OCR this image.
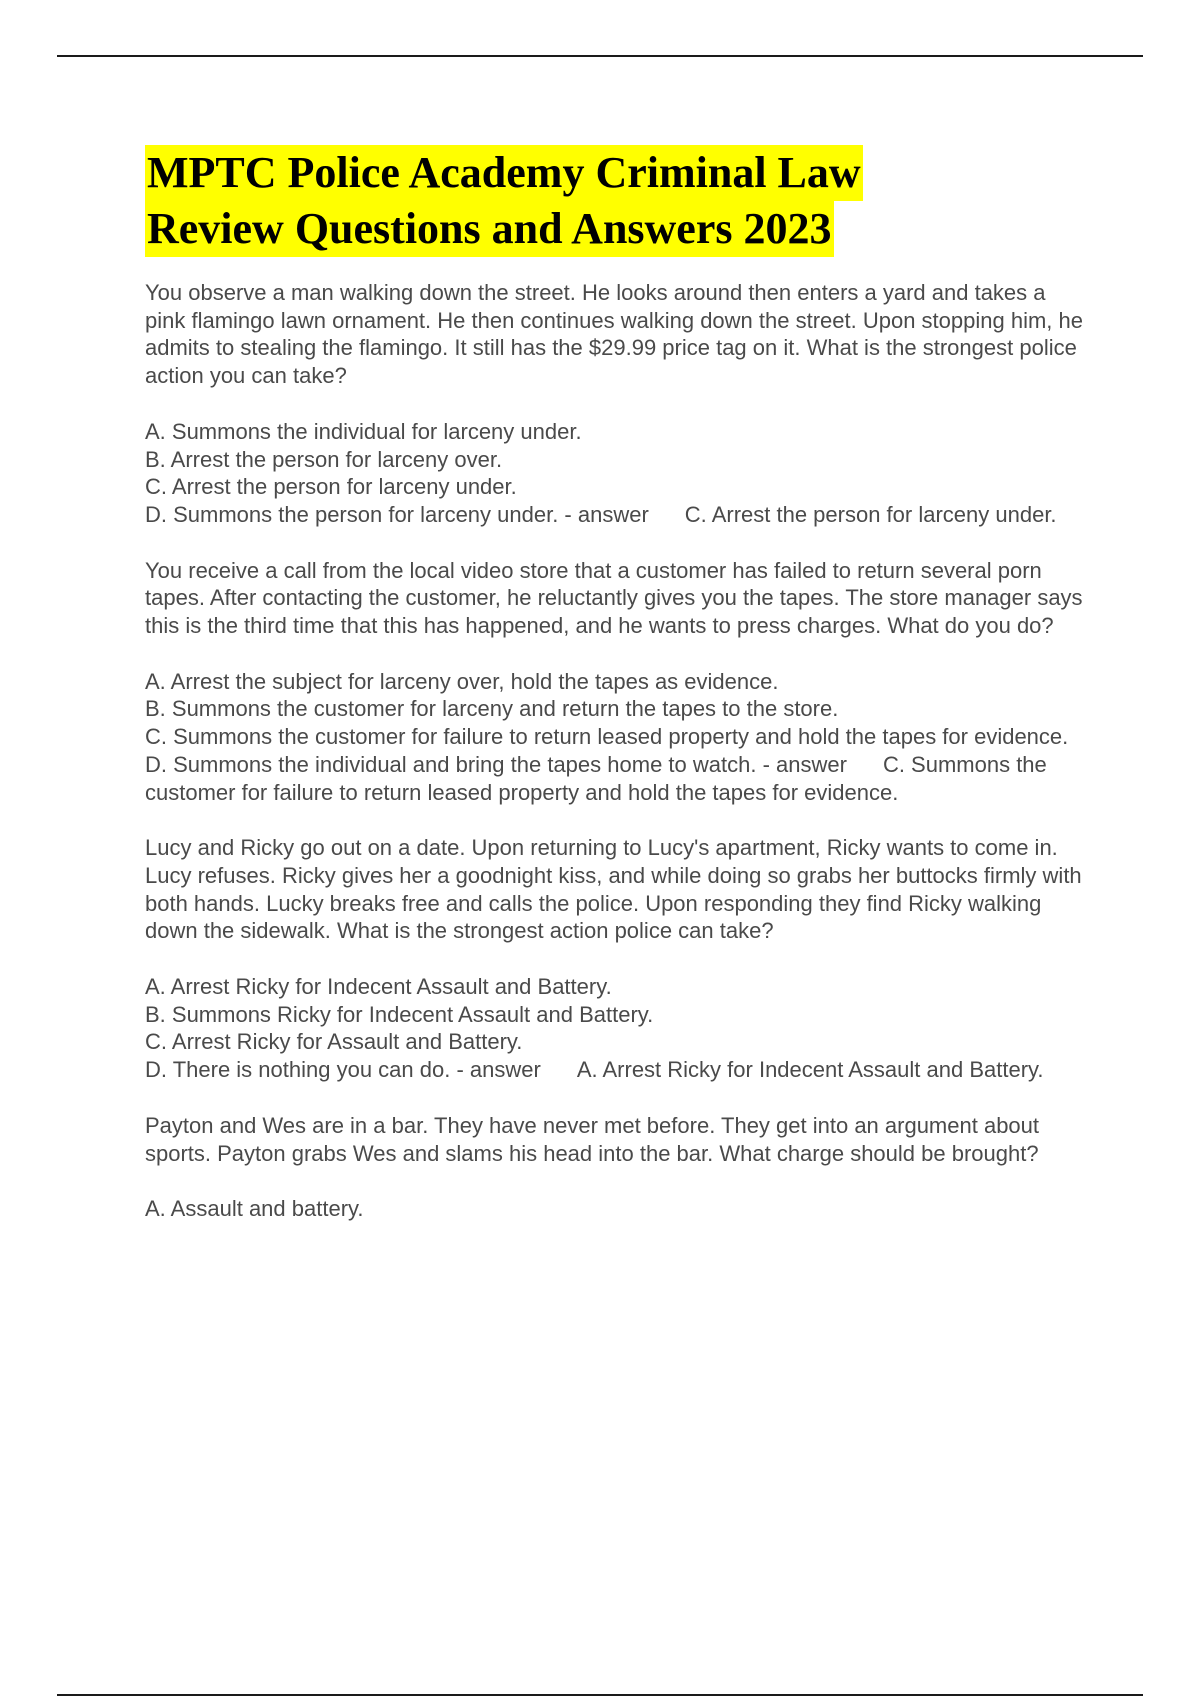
MPTC Police Academy Criminal Law
Review Questions and Answers 2023
You observe a man walking down the street. He looks around then enters a yard and takes a pink flamingo lawn ornament. He then continues walking down the street. Upon stopping him, he admits to stealing the flamingo. It still has the $29.99 price tag on it. What is the strongest police action you can take?
A. Summons the individual for larceny under.
B. Arrest the person for larceny over.
C. Arrest the person for larceny under.
D. Summons the person for larceny under. - answer C. Arrest the person for larceny under.
You receive a call from the local video store that a customer has failed to return several porn tapes. After contacting the customer, he reluctantly gives you the tapes. The store manager says this is the third time that this has happened, and he wants to press charges. What do you do?
A. Arrest the subject for larceny over, hold the tapes as evidence.
B. Summons the customer for larceny and return the tapes to the store.
C. Summons the customer for failure to return leased property and hold the tapes for evidence.
D. Summons the individual and bring the tapes home to watch. - answer C. Summons the customer for failure to return leased property and hold the tapes for evidence.
Lucy and Ricky go out on a date. Upon returning to Lucy's apartment, Ricky wants to come in. Lucy refuses. Ricky gives her a goodnight kiss, and while doing so grabs her buttocks firmly with both hands. Lucky breaks free and calls the police. Upon responding they find Ricky walking down the sidewalk. What is the strongest action police can take?
A. Arrest Ricky for Indecent Assault and Battery.
B. Summons Ricky for Indecent Assault and Battery.
C. Arrest Ricky for Assault and Battery.
D. There is nothing you can do. - answer A. Arrest Ricky for Indecent Assault and Battery.
Payton and Wes are in a bar. They have never met before. They get into an argument about sports. Payton grabs Wes and slams his head into the bar. What charge should be brought?
A. Assault and battery.
